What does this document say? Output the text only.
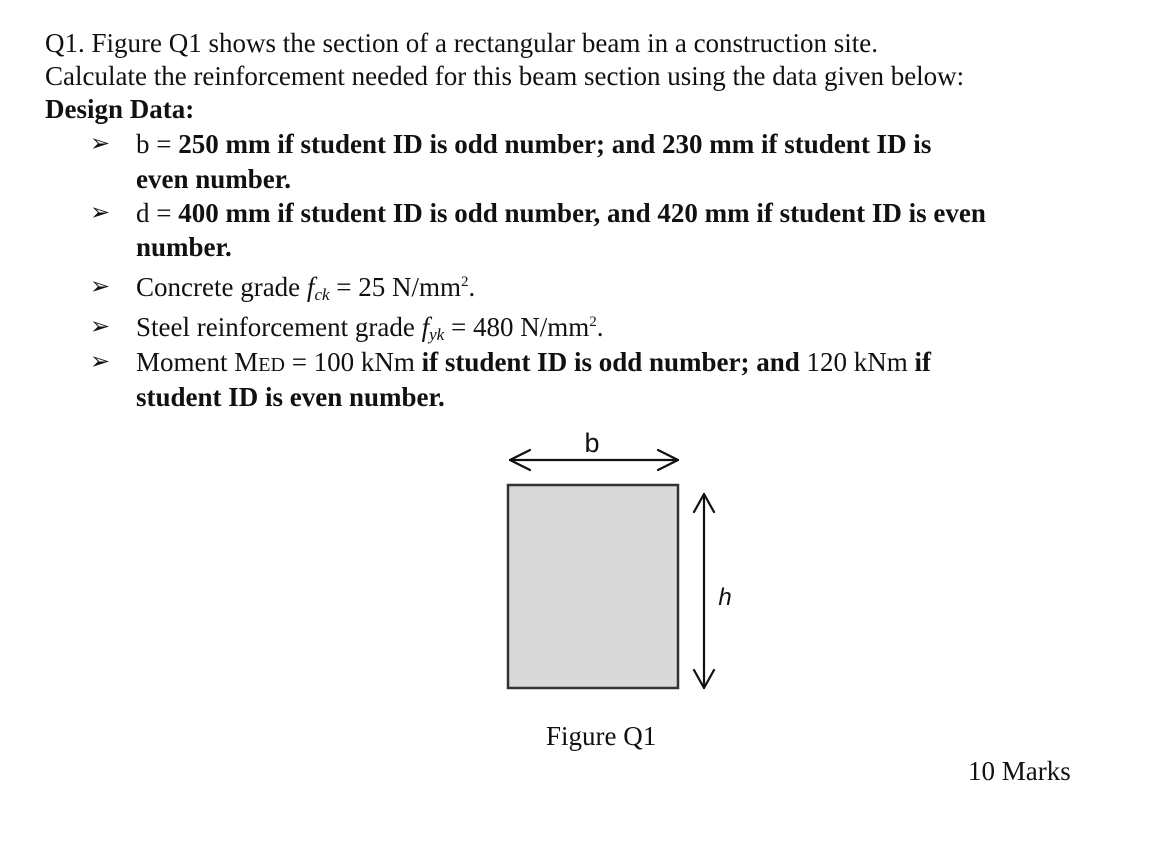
Q1. Figure Q1 shows the section of a rectangular beam in a construction site.
Calculate the reinforcement needed for this beam section using the data given below:
Design Data:
➢ b = 250 mm if student ID is odd number; and 230 mm if student ID is
even number.
➢ d = 400 mm if student ID is odd number, and 420 mm if student ID is even
number.
➢ Concrete grade $f_{ck} = 25$ $N/mm^2$.
➢ Steel reinforcement grade $f_{yk} = 480$ $N/mm^2$.
➢ Moment MED = 100 kNm if student ID is odd number; and 120 kNm if
student ID is even number.
b
h
Figure Q1
10 Marks
